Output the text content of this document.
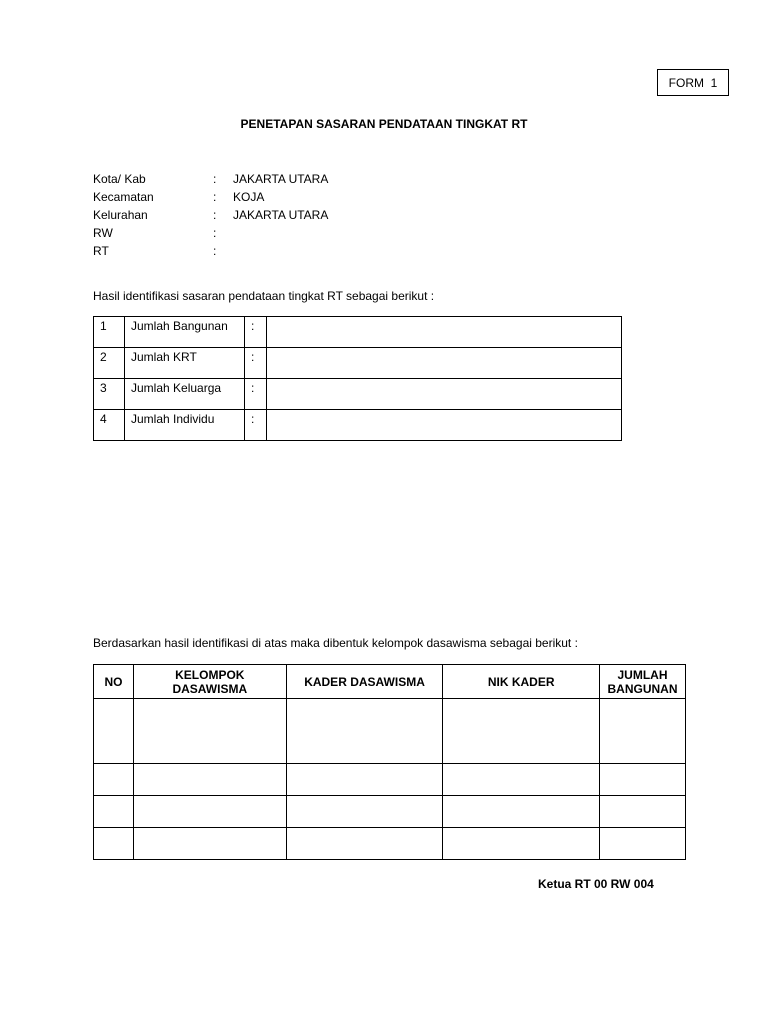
FORM  1
PENETAPAN SASARAN PENDATAAN TINGKAT RT
Kota/ Kab	: JAKARTA UTARA
Kecamatan	: KOJA
Kelurahan	: JAKARTA UTARA
RW	:
RT	:
Hasil identifikasi sasaran pendataan tingkat RT sebagai berikut :
1	Jumlah Bangunan	:	
2	Jumlah KRT	:	
3	Jumlah Keluarga	:	
4	Jumlah Individu	:	
Berdasarkan hasil identifikasi di atas maka dibentuk kelompok dasawisma sebagai berikut :
NO	KELOMPOK DASAWISMA	KADER DASAWISMA	NIK KADER	JUMLAH BANGUNAN

Ketua RT 00 RW 004
